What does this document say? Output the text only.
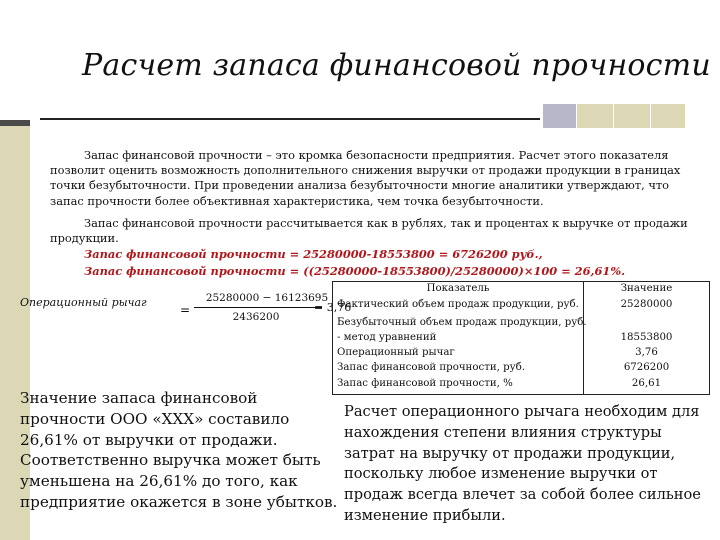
Расчет запаса финансовой прочности
Запас финансовой прочности – это кромка безопасности предприятия. Расчет этого показателя позволит оценить возможность дополнительного снижения выручки от продажи продукции в границах точки безубыточности. При проведении анализа безубыточности многие аналитики утверждают, что запас прочности более объективная характеристика, чем точка безубыточности.
Запас финансовой прочности рассчитывается как в рублях, так и процентах к выручке от продажи продукции.
Запас финансовой прочности = 25280000-18553800 = 6726200 руб.,
Запас финансовой прочности = ((25280000-18553800)/25280000)×100 = 26,61%.
Операционный рычаг
=
25280000 − 16123695
2436200
= 3,76
Показатель	Значение
Фактический объем продаж продукции, руб.	25280000
Безубыточный объем продаж продукции, руб.
- метод уравнений	18553800
Операционный рычаг	3,76
Запас финансовой прочности, руб.	6726200
Запас финансовой прочности, %	26,61
Значение запаса финансовой прочности ООО «XXX» составило 26,61% от выручки от продажи. Соответственно выручка может быть уменьшена на 26,61% до того, как предприятие окажется в зоне убытков.
Расчет операционного рычага необходим для нахождения степени влияния структуры затрат на выручку от продажи продукции, поскольку любое изменение выручки от продаж всегда влечет за собой более сильное изменение прибыли.
